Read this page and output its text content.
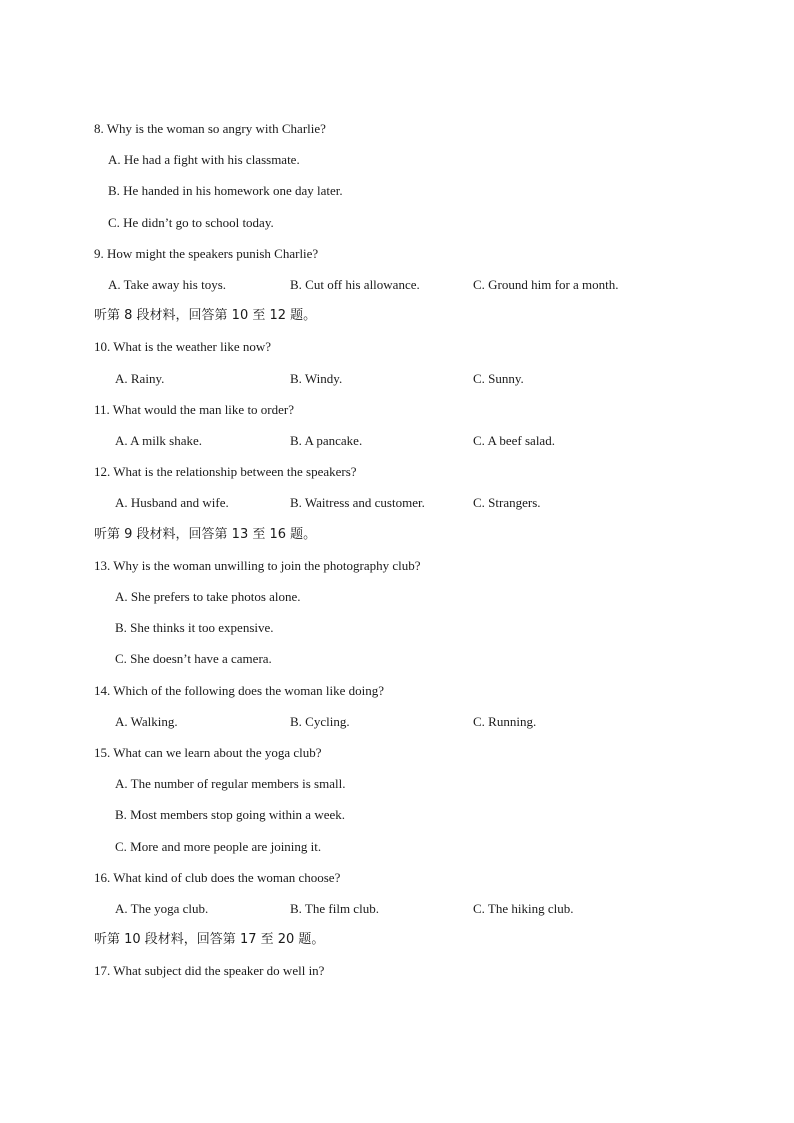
8. Why is the woman so angry with Charlie?
A. He had a fight with his classmate.
B. He handed in his homework one day later.
C. He didn’t go to school today.
9. How might the speakers punish Charlie?
A. Take away his toys.	B. Cut off his allowance.	C. Ground him for a month.
听第 8 段材料，回答第 10 至 12 题。
10. What is the weather like now?
A. Rainy.	B. Windy.	C. Sunny.
11. What would the man like to order?
A. A milk shake.	B. A pancake.	C. A beef salad.
12. What is the relationship between the speakers?
A. Husband and wife.	B. Waitress and customer.	C. Strangers.
听第 9 段材料，回答第 13 至 16 题。
13. Why is the woman unwilling to join the photography club?
A. She prefers to take photos alone.
B. She thinks it too expensive.
C. She doesn’t have a camera.
14. Which of the following does the woman like doing?
A. Walking.	B. Cycling.	C. Running.
15. What can we learn about the yoga club?
A. The number of regular members is small.
B. Most members stop going within a week.
C. More and more people are joining it.
16. What kind of club does the woman choose?
A. The yoga club.	B. The film club.	C. The hiking club.
听第 10 段材料，回答第 17 至 20 题。
17. What subject did the speaker do well in?
